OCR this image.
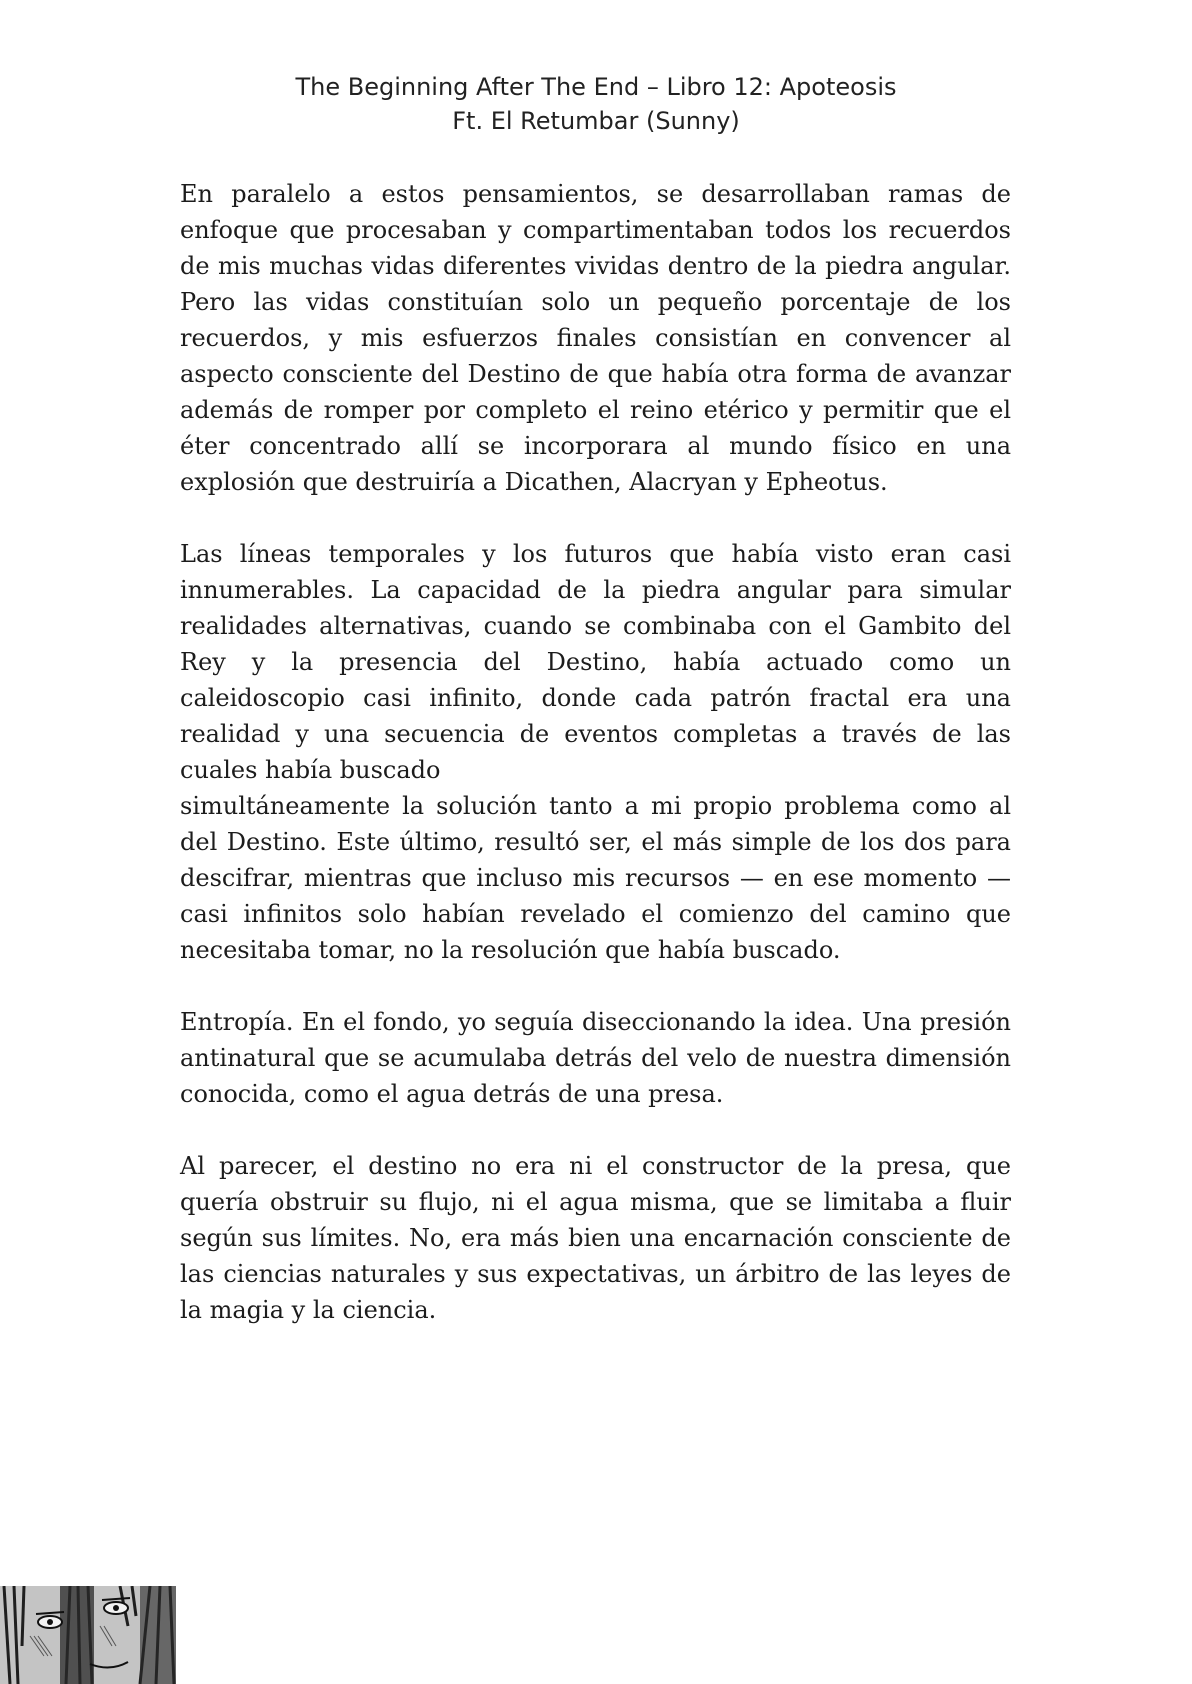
The Beginning After The End – Libro 12: Apoteosis
Ft. El Retumbar (Sunny)

En paralelo a estos pensamientos, se desarrollaban ramas de enfoque que procesaban y compartimentaban todos los recuerdos de mis muchas vidas diferentes vividas dentro de la piedra angular. Pero las vidas constituían solo un pequeño porcentaje de los recuerdos, y mis esfuerzos finales consistían en convencer al aspecto consciente del Destino de que había otra forma de avanzar además de romper por completo el reino etérico y permitir que el éter concentrado allí se incorporara al mundo físico en una explosión que destruiría a Dicathen, Alacryan y Epheotus.

Las líneas temporales y los futuros que había visto eran casi innumerables. La capacidad de la piedra angular para simular realidades alternativas, cuando se combinaba con el Gambito del Rey y la presencia del Destino, había actuado como un caleidoscopio casi infinito, donde cada patrón fractal era una realidad y una secuencia de eventos completas a través de las cuales había buscado

simultáneamente la solución tanto a mi propio problema como al del Destino. Este último, resultó ser, el más simple de los dos para descifrar, mientras que incluso mis recursos — en ese momento — casi infinitos solo habían revelado el comienzo del camino que necesitaba tomar, no la resolución que había buscado.

Entropía. En el fondo, yo seguía diseccionando la idea. Una presión antinatural que se acumulaba detrás del velo de nuestra dimensión conocida, como el agua detrás de una presa.

Al parecer, el destino no era ni el constructor de la presa, que quería obstruir su flujo, ni el agua misma, que se limitaba a fluir según sus límites. No, era más bien una encarnación consciente de las ciencias naturales y sus expectativas, un árbitro de las leyes de la magia y la ciencia.
